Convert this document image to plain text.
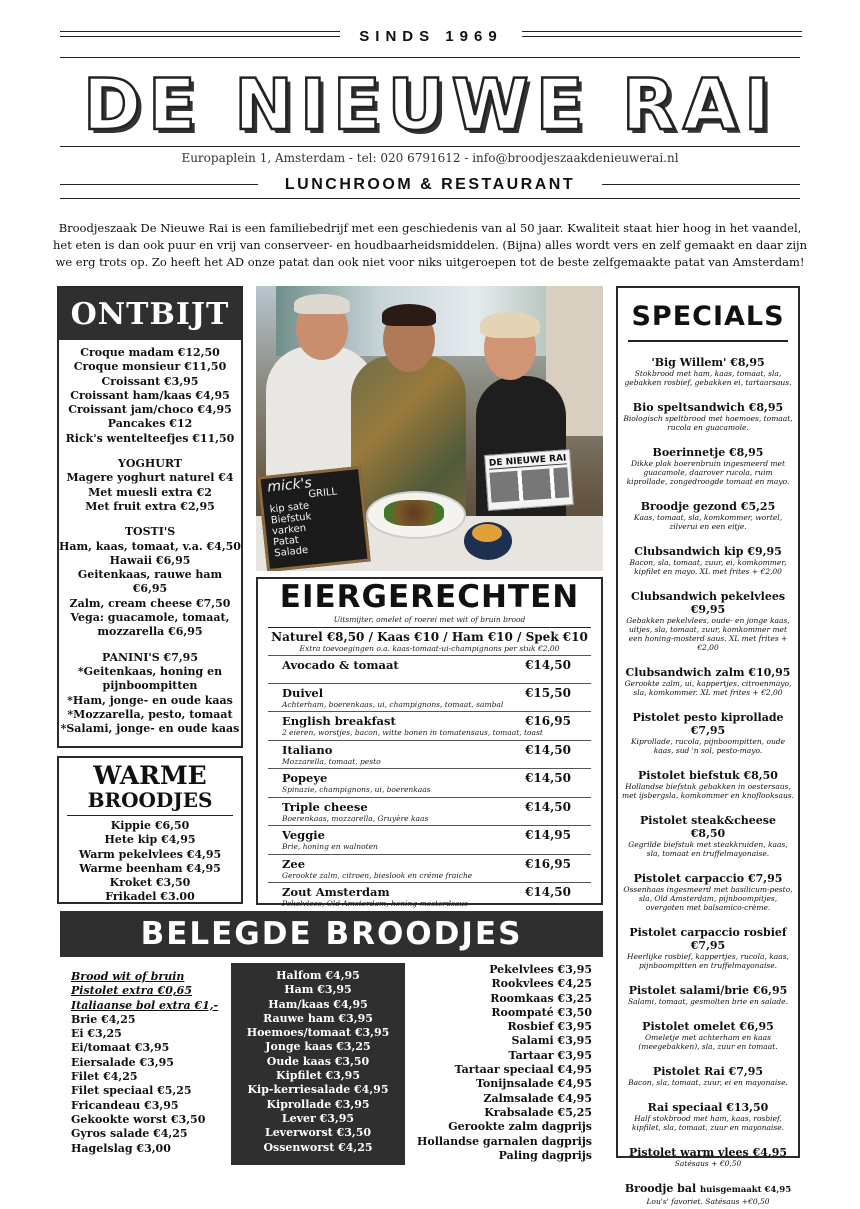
SINDS 1969
DE NIEUWE RAI
Europaplein 1, Amsterdam - tel: 020 6791612 - info@broodjeszaakdenieuwerai.nl
LUNCHROOM & RESTAURANT
Broodjeszaak De Nieuwe Rai is een familiebedrijf met een geschiedenis van al 50 jaar. Kwaliteit staat hier hoog in het vaandel, het eten is dan ook puur en vrij van conserveer- en houdbaarheidsmiddelen. (Bijna) alles wordt vers en zelf gemaakt en daar zijn we erg trots op. Zo heeft het AD onze patat dan ook niet voor niks uitgeroepen tot de beste zelfgemaakte patat van Amsterdam!
ONTBIJT
Croque madam €12,50
Croque monsieur €11,50
Croissant €3,95
Croissant ham/kaas €4,95
Croissant jam/choco €4,95
Pancakes €12
Rick's wentelteefjes €11,50
YOGHURT
Magere yoghurt naturel €4
Met muesli extra €2
Met fruit extra €2,95
TOSTI'S
Ham, kaas, tomaat, v.a. €4,50
Hawaii €6,95
Geitenkaas, rauwe ham €6,95
Zalm, cream cheese €7,50
Vega: guacamole, tomaat,
mozzarella €6,95
PANINI'S €7,95
*Geitenkaas, honing en
pijnboompitten
*Ham, jonge- en oude kaas
*Mozzarella, pesto, tomaat
*Salami, jonge- en oude kaas
WARME
BROODJES
Kippie €6,50
Hete kip €4,95
Warm pekelvlees €4,95
Warme beenham €4,95
Kroket €3,50
Frikadel €3.00
mick's
GRILL
kip sate
Biefstuk
varken
Patat
Salade
DE NIEUWE RAI
EIERGERECHTEN
Uitsmijter, omelet of roerei met wit of bruin brood
Naturel €8,50 / Kaas €10 / Ham €10 / Spek €10
Extra toevoegingen o.a. kaas-tomaat-ui-champignons per stuk €2,00
Avocado & tomaat	€14,50
Duivel	€15,50
Achterham, boerenkaas, ui, champignons, tomaat, sambal
English breakfast	€16,95
2 eieren, worstjes, bacon, witte bonen in tomatensaus, tomaat, toast
Italiano	€14,50
Mozzarella, tomaat, pesto
Popeye	€14,50
Spinazie, champignons, ui, boerenkaas
Triple cheese	€14,50
Boerenkaas, mozzarella, Gruyère kaas
Veggie	€14,95
Brie, honing en walnoten
Zee	€16,95
Gerookte zalm, citroen, bieslook en créme fraiche
Zout Amsterdam	€14,50
Pekelvlees, Old Amsterdam, honing-mosterdsaus
SPECIALS
'Big Willem' €8,95
Stokbrood met ham, kaas, tomaat, sla, gebakken rosbief, gebakken ei, tartaarsaus.
Bio speltsandwich €8,95
Biologisch speltbrood met hoemoes, tomaat, rucola en guacamole.
Boerinnetje €8,95
Dikke plak boerenbruin ingesmeerd met guacamole, daarover rucola, ruim kiprollade, zongedroogde tomaat en mayo.
Broodje gezond €5,25
Kaas, tomaat, sla, komkommer, wortel, zilverui en een eitje.
Clubsandwich kip €9,95
Bacon, sla, tomaat, zuur, ei, komkommer, kipfilet en mayo. XL met frites + €2,00
Clubsandwich pekelvlees €9,95
Gebakken pekelvlees, oude- en jonge kaas, uitjes, sla, tomaat, zuur, komkommer met een honing-mosterd saus. XL met frites + €2,00
Clubsandwich zalm €10,95
Gerookte zalm, ui, kappertjes, citroenmayo, sla, komkommer. XL met frites + €2,00
Pistolet pesto kiprollade €7,95
Kiprollade, rucola, pijnboompitten, oude kaas, sud 'n sol, pesto-mayo.
Pistolet biefstuk €8,50
Hollandse biefstuk gebakken in oestersaus, met ijsbergsla, komkommer en knoflooksaus.
Pistolet steak&cheese €8,50
Gegrilde biefstuk met steakkruiden, kaas, sla, tomaat en truffelmayonaise.
Pistolet carpaccio €7,95
Ossenhaas ingesmeerd met basilicum-pesto, sla, Old Amsterdam, pijnboompitjes, overgoten met balsamico-crème.
Pistolet carpaccio rosbief €7,95
Heerlijke rosbief, kappertjes, rucola, kaas, pijnboompitten en truffelmayonaise.
Pistolet salami/brie €6,95
Salami, tomaat, gesmolten brie en salade.
Pistolet omelet €6,95
Omeletje met achterham en kaas (meegebakken), sla, zuur en tomaat.
Pistolet Rai €7,95
Bacon, sla, tomaat, zuur, ei en mayonaise.
Rai speciaal €13,50
Half stokbrood met ham, kaas, rosbief, kipfilet, sla, tomaat, zuur en mayonaise.
Pistolet warm vlees €4,95
Satésaus + €0,50
Broodje bal huisgemaakt €4,95
Lou's' favoriet. Satésaus +€0,50
BELEGDE BROODJES
Brood wit of bruin
Pistolet extra €0,65
Italiaanse bol extra €1,-
Brie €4,25
Ei €3,25
Ei/tomaat €3,95
Eiersalade €3,95
Filet €4,25
Filet speciaal €5,25
Fricandeau €3,95
Gekookte worst €3,50
Gyros salade €4,25
Hagelslag €3,00
Halfom €4,95
Ham €3,95
Ham/kaas €4,95
Rauwe ham €3,95
Hoemoes/tomaat €3,95
Jonge kaas €3,25
Oude kaas €3,50
Kipfilet €3,95
Kip-kerriesalade €4,95
Kiprollade €3,95
Lever €3,95
Leverworst €3,50
Ossenworst €4,25
Pekelvlees €3,95
Rookvlees €4,25
Roomkaas €3,25
Roompaté €3,50
Rosbief €3,95
Salami €3,95
Tartaar €3,95
Tartaar speciaal €4,95
Tonijnsalade €4,95
Zalmsalade €4,95
Krabsalade €5,25
Gerookte zalm dagprijs
Hollandse garnalen dagprijs
Paling dagprijs
